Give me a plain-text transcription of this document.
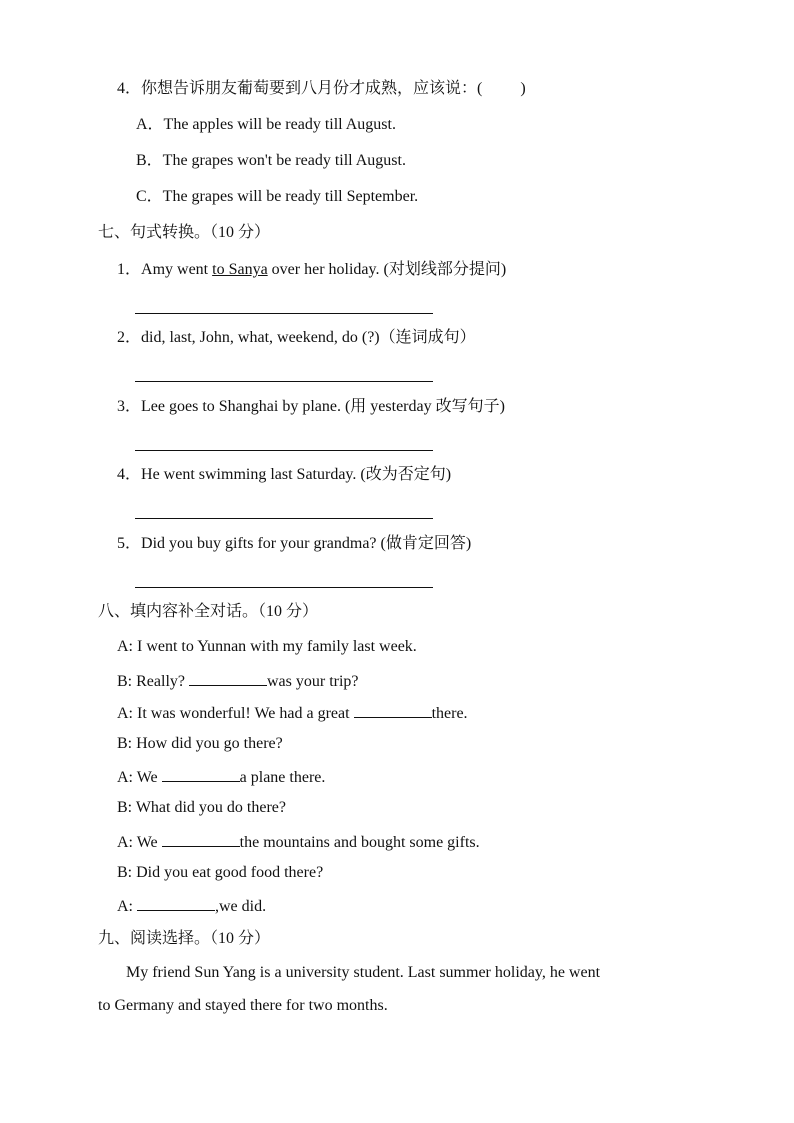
4．你想告诉朋友葡萄要到八月份才成熟，应该说：( )
A．The apples will be ready till August.
B．The grapes won't be ready till August.
C．The grapes will be ready till September.
七、句式转换。（10 分）
1．Amy went to Sanya over her holiday. (对划线部分提问)
2．did, last, John, what, weekend, do (?)（连词成句）
3．Lee goes to Shanghai by plane. (用 yesterday 改写句子)
4．He went swimming last Saturday. (改为否定句)
5．Did you buy gifts for your grandma? (做肯定回答)
八、填内容补全对话。（10 分）
A: I went to Yunnan with my family last week.
B: Really?	was your trip?
A: It was wonderful! We had a great	there.
B: How did you go there?
A: We	a plane there.
B: What did you do there?
A: We	the mountains and bought some gifts.
B: Did you eat good food there?
A:	,we did.
九、阅读选择。（10 分）
My friend Sun Yang is a university student. Last summer holiday, he went
to Germany and stayed there for two months.
